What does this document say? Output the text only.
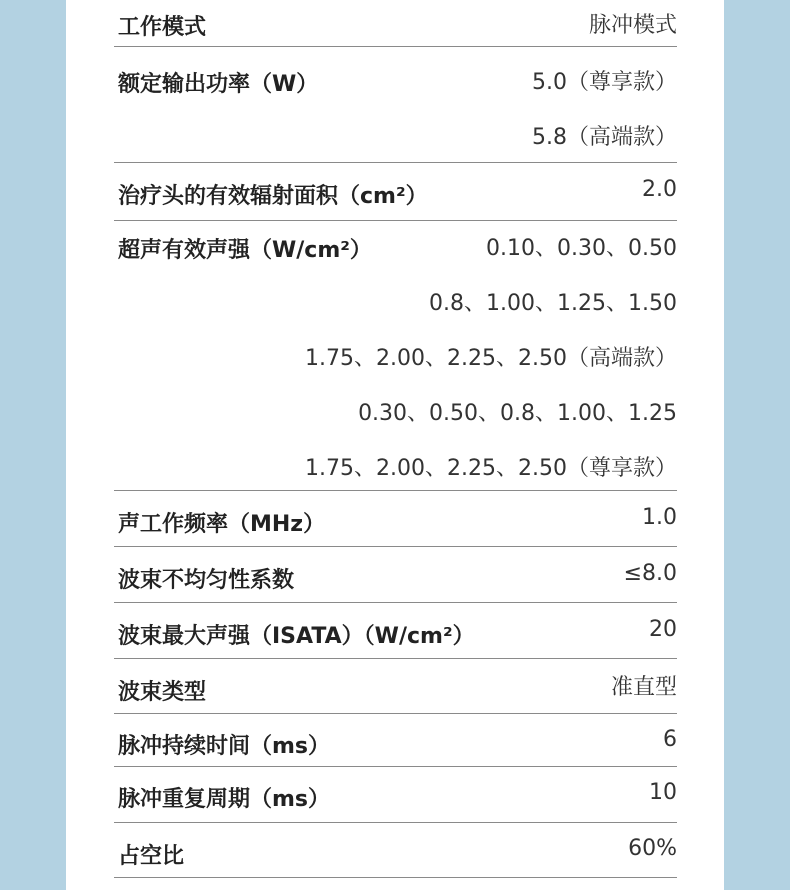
工作模式	脉冲模式
额定输出功率（W）	5.0（尊享款）
5.8（高端款）
治疗头的有效辐射面积（cm²）	2.0
超声有效声强（W/cm²）	0.10、0.30、0.50
0.8、1.00、1.25、1.50
1.75、2.00、2.25、2.50（高端款）
0.30、0.50、0.8、1.00、1.25
1.75、2.00、2.25、2.50（尊享款）
声工作频率（MHz）	1.0
波束不均匀性系数	≤8.0
波束最大声强（ISATA）（W/cm²）	20
波束类型	准直型
脉冲持续时间（ms）	6
脉冲重复周期（ms）	10
占空比	60%
